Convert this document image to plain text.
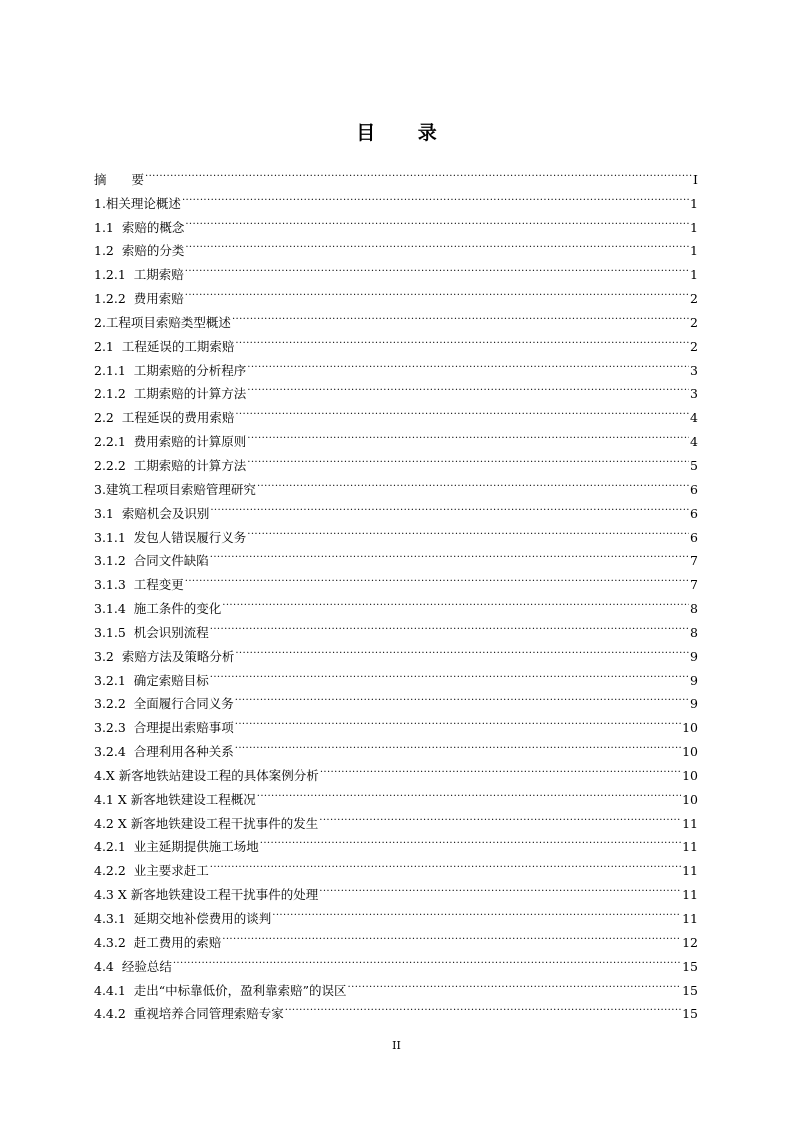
目 录
摘　　要 .....	I
1.相关理论概述 .....	1
1.1  索赔的概念 .....	1
1.2  索赔的分类 .....	1
1.2.1  工期索赔 .....	1
1.2.2  费用索赔 .....	2
2.工程项目索赔类型概述 .....	2
2.1  工程延误的工期索赔 .....	2
2.1.1  工期索赔的分析程序 .....	3
2.1.2  工期索赔的计算方法 .....	3
2.2  工程延误的费用索赔 .....	4
2.2.1  费用索赔的计算原则 .....	4
2.2.2  工期索赔的计算方法 .....	5
3.建筑工程项目索赔管理研究 .....	6
3.1  索赔机会及识别 .....	6
3.1.1  发包人错误履行义务 .....	6
3.1.2  合同文件缺陷 .....	7
3.1.3  工程变更 .....	7
3.1.4  施工条件的变化 .....	8
3.1.5  机会识别流程 .....	8
3.2  索赔方法及策略分析 .....	9
3.2.1  确定索赔目标 .....	9
3.2.2  全面履行合同义务 .....	9
3.2.3  合理提出索赔事项 .....	10
3.2.4  合理利用各种关系 .....	10
4.X 新客地铁站建设工程的具体案例分析 .....	10
4.1 X 新客地铁建设工程概况 .....	10
4.2 X 新客地铁建设工程干扰事件的发生 .....	11
4.2.1  业主延期提供施工场地 .....	11
4.2.2  业主要求赶工 .....	11
4.3 X 新客地铁建设工程干扰事件的处理 .....	11
4.3.1  延期交地补偿费用的谈判 .....	11
4.3.2  赶工费用的索赔 .....	12
4.4  经验总结 .....	15
4.4.1  走出“中标靠低价，盈利靠索赔”的误区 .....	15
4.4.2  重视培养合同管理索赔专家 .....	15
II
